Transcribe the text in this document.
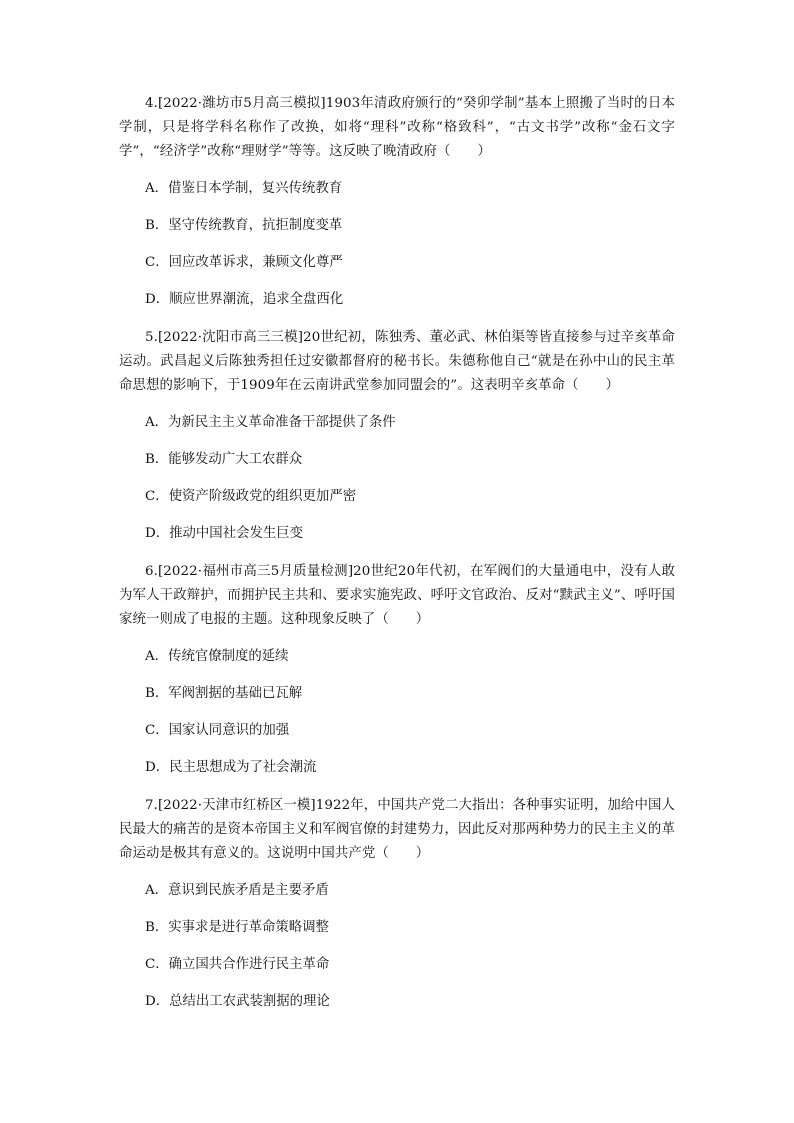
4.[2022·潍坊市5月高三模拟]1903年清政府颁行的“癸卯学制”基本上照搬了当时的日本学制，只是将学科名称作了改换，如将“理科”改称“格致科”，“古文书学”改称“金石文字学”，“经济学”改称“理财学”等等。这反映了晚清政府（　　）

A．借鉴日本学制，复兴传统教育
B．坚守传统教育，抗拒制度变革
C．回应改革诉求，兼顾文化尊严
D．顺应世界潮流，追求全盘西化

5.[2022·沈阳市高三三模]20世纪初，陈独秀、董必武、林伯渠等皆直接参与过辛亥革命运动。武昌起义后陈独秀担任过安徽都督府的秘书长。朱德称他自己“就是在孙中山的民主革命思想的影响下，于1909年在云南讲武堂参加同盟会的”。这表明辛亥革命（　　）

A．为新民主主义革命准备干部提供了条件
B．能够发动广大工农群众
C．使资产阶级政党的组织更加严密
D．推动中国社会发生巨变

6.[2022·福州市高三5月质量检测]20世纪20年代初，在军阀们的大量通电中，没有人敢为军人干政辩护，而拥护民主共和、要求实施宪政、呼吁文官政治、反对“黩武主义”、呼吁国家统一则成了电报的主题。这种现象反映了（　　）

A．传统官僚制度的延续
B．军阀割据的基础已瓦解
C．国家认同意识的加强
D．民主思想成为了社会潮流

7.[2022·天津市红桥区一模]1922年，中国共产党二大指出：各种事实证明，加给中国人民最大的痛苦的是资本帝国主义和军阀官僚的封建势力，因此反对那两种势力的民主主义的革命运动是极其有意义的。这说明中国共产党（　　）

A．意识到民族矛盾是主要矛盾
B．实事求是进行革命策略调整
C．确立国共合作进行民主革命
D．总结出工农武装割据的理论
